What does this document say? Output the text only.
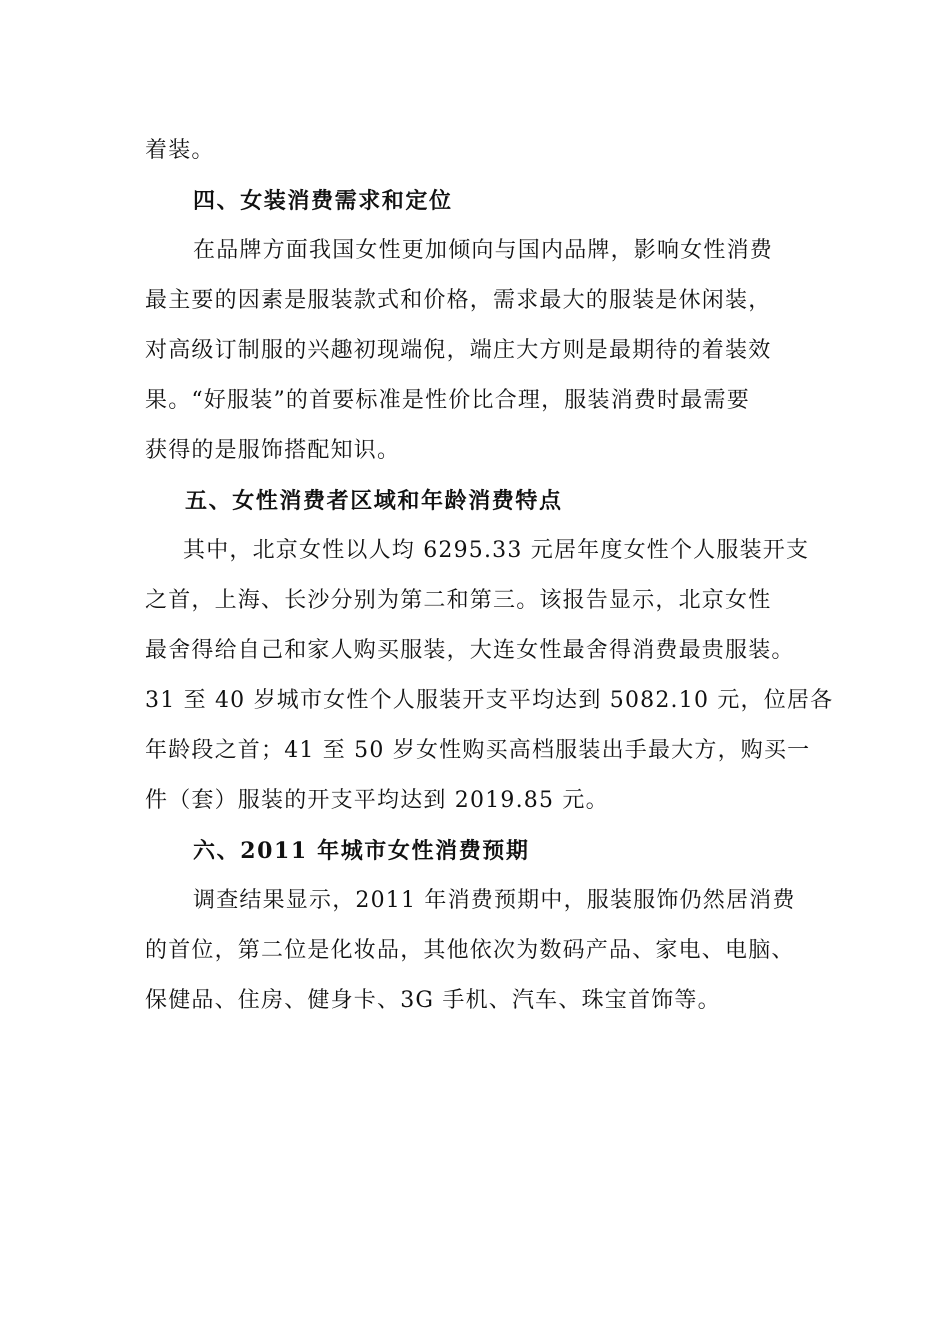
着装。

四、女装消费需求和定位

在品牌方面我国女性更加倾向与国内品牌，影响女性消费

最主要的因素是服装款式和价格，需求最大的服装是休闲装，

对高级订制服的兴趣初现端倪，端庄大方则是最期待的着装效

果。“好服装”的首要标准是性价比合理，服装消费时最需要

获得的是服饰搭配知识。

五、女性消费者区域和年龄消费特点

其中，北京女性以人均 6295.33 元居年度女性个人服装开支

之首，上海、长沙分别为第二和第三。该报告显示，北京女性

最舍得给自己和家人购买服装，大连女性最舍得消费最贵服装。

31 至 40 岁城市女性个人服装开支平均达到 5082.10 元，位居各

年龄段之首；41 至 50 岁女性购买高档服装出手最大方，购买一

件（套）服装的开支平均达到 2019.85 元。

六、2011 年城市女性消费预期

调查结果显示，2011 年消费预期中，服装服饰仍然居消费

的首位，第二位是化妆品，其他依次为数码产品、家电、电脑、

保健品、住房、健身卡、3G 手机、汽车、珠宝首饰等。
